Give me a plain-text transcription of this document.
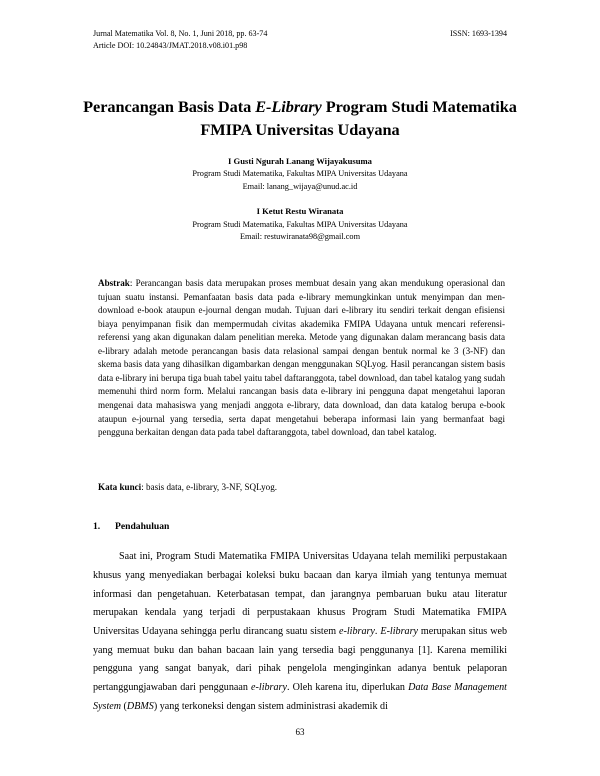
Jurnal Matematika Vol. 8, No. 1, Juni 2018, pp. 63-74	ISSN: 1693-1394
Article DOI: 10.24843/JMAT.2018.v08.i01.p98
Perancangan Basis Data E-Library Program Studi Matematika FMIPA Universitas Udayana
I Gusti Ngurah Lanang Wijayakusuma
Program Studi Matematika, Fakultas MIPA Universitas Udayana
Email: lanang_wijaya@unud.ac.id
I Ketut Restu Wiranata
Program Studi Matematika, Fakultas MIPA Universitas Udayana
Email: restuwiranata98@gmail.com

Abstrak: Perancangan basis data merupakan proses membuat desain yang akan mendukung operasional dan tujuan suatu instansi. Pemanfaatan basis data pada e-library memungkinkan untuk menyimpan dan men-download e-book ataupun e-journal dengan mudah. Tujuan dari e-library itu sendiri terkait dengan efisiensi biaya penyimpanan fisik dan mempermudah civitas akademika FMIPA Udayana untuk mencari referensi-referensi yang akan digunakan dalam penelitian mereka. Metode yang digunakan dalam merancang basis data e-library adalah metode perancangan basis data relasional sampai dengan bentuk normal ke 3 (3-NF) dan skema basis data yang dihasilkan digambarkan dengan menggunakan SQLyog. Hasil perancangan sistem basis data e-library ini berupa tiga buah tabel yaitu tabel daftaranggota, tabel download, dan tabel katalog yang sudah memenuhi third norm form. Melalui rancangan basis data e-library ini pengguna dapat mengetahui laporan mengenai data mahasiswa yang menjadi anggota e-library, data download, dan data katalog berupa e-book ataupun e-journal yang tersedia, serta dapat mengetahui beberapa informasi lain yang bermanfaat bagi pengguna berkaitan dengan data pada tabel daftaranggota, tabel download, dan tabel katalog.

Kata kunci: basis data, e-library, 3-NF, SQLyog.

1. Pendahuluan

Saat ini, Program Studi Matematika FMIPA Universitas Udayana telah memiliki perpustakaan khusus yang menyediakan berbagai koleksi buku bacaan dan karya ilmiah yang tentunya memuat informasi dan pengetahuan. Keterbatasan tempat, dan jarangnya pembaruan buku atau literatur merupakan kendala yang terjadi di perpustakaan khusus Program Studi Matematika FMIPA Universitas Udayana sehingga perlu dirancang suatu sistem e-library. E-library merupakan situs web yang memuat buku dan bahan bacaan lain yang tersedia bagi penggunanya [1]. Karena memiliki pengguna yang sangat banyak, dari pihak pengelola menginginkan adanya bentuk pelaporan pertanggungjawaban dari penggunaan e-library. Oleh karena itu, diperlukan Data Base Management System (DBMS) yang terkoneksi dengan sistem administrasi akademik di

63
